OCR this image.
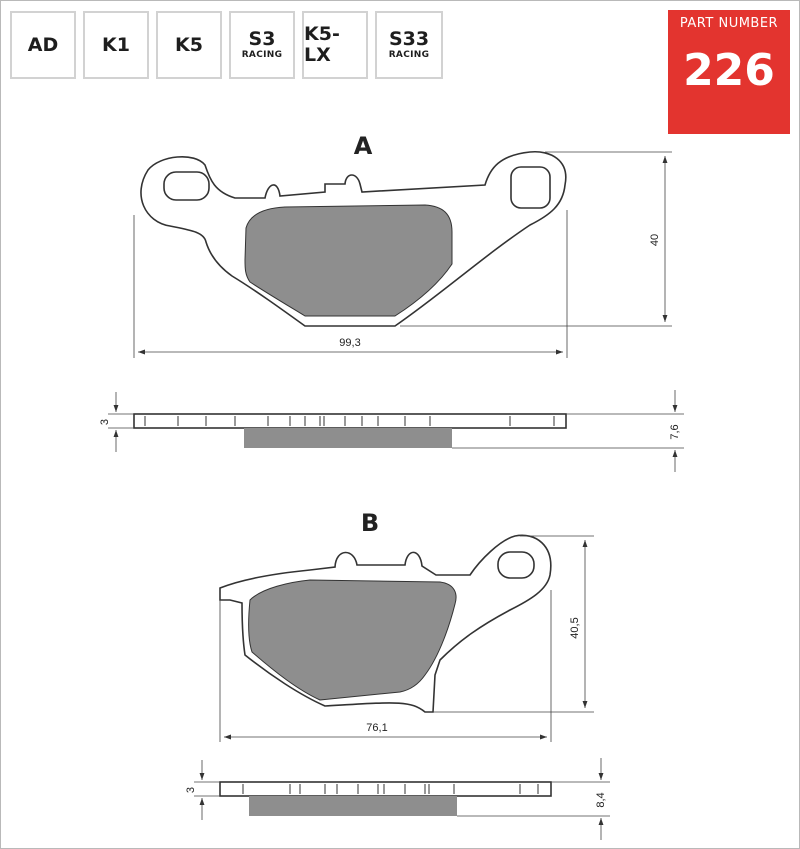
AD K1 K5 S3
RACING
K5-LX
S33
RACING
PART NUMBER
226
A
99,3
40
3
7,6
B
76,1
40,5
3
8,4
